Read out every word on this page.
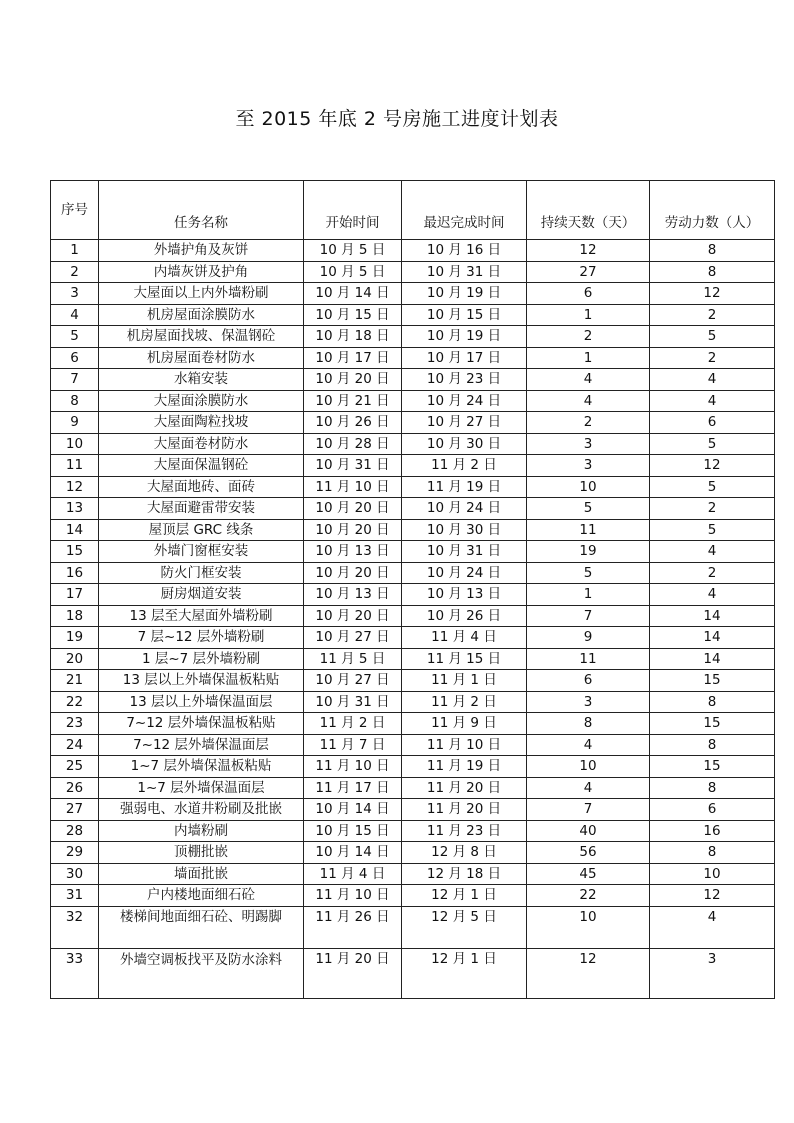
至 2015 年底 2 号房施工进度计划表
序号	任务名称	开始时间	最迟完成时间	持续天数（天）	劳动力数（人）
1	外墙护角及灰饼	10 月 5 日	10 月 16 日	12	8
2	内墙灰饼及护角	10 月 5 日	10 月 31 日	27	8
3	大屋面以上内外墙粉刷	10 月 14 日	10 月 19 日	6	12
4	机房屋面涂膜防水	10 月 15 日	10 月 15 日	1	2
5	机房屋面找坡、保温钢砼	10 月 18 日	10 月 19 日	2	5
6	机房屋面卷材防水	10 月 17 日	10 月 17 日	1	2
7	水箱安装	10 月 20 日	10 月 23 日	4	4
8	大屋面涂膜防水	10 月 21 日	10 月 24 日	4	4
9	大屋面陶粒找坡	10 月 26 日	10 月 27 日	2	6
10	大屋面卷材防水	10 月 28 日	10 月 30 日	3	5
11	大屋面保温钢砼	10 月 31 日	11 月 2 日	3	12
12	大屋面地砖、面砖	11 月 10 日	11 月 19 日	10	5
13	大屋面避雷带安装	10 月 20 日	10 月 24 日	5	2
14	屋顶层 GRC 线条	10 月 20 日	10 月 30 日	11	5
15	外墙门窗框安装	10 月 13 日	10 月 31 日	19	4
16	防火门框安装	10 月 20 日	10 月 24 日	5	2
17	厨房烟道安装	10 月 13 日	10 月 13 日	1	4
18	13 层至大屋面外墙粉刷	10 月 20 日	10 月 26 日	7	14
19	7 层~12 层外墙粉刷	10 月 27 日	11 月 4 日	9	14
20	1 层~7 层外墙粉刷	11 月 5 日	11 月 15 日	11	14
21	13 层以上外墙保温板粘贴	10 月 27 日	11 月 1 日	6	15
22	13 层以上外墙保温面层	10 月 31 日	11 月 2 日	3	8
23	7~12 层外墙保温板粘贴	11 月 2 日	11 月 9 日	8	15
24	7~12 层外墙保温面层	11 月 7 日	11 月 10 日	4	8
25	1~7 层外墙保温板粘贴	11 月 10 日	11 月 19 日	10	15
26	1~7 层外墙保温面层	11 月 17 日	11 月 20 日	4	8
27	强弱电、水道井粉刷及批嵌	10 月 14 日	11 月 20 日	7	6
28	内墙粉刷	10 月 15 日	11 月 23 日	40	16
29	顶棚批嵌	10 月 14 日	12 月 8 日	56	8
30	墙面批嵌	11 月 4 日	12 月 18 日	45	10
31	户内楼地面细石砼	11 月 10 日	12 月 1 日	22	12
32	楼梯间地面细石砼、明踢脚	11 月 26 日	12 月 5 日	10	4
33	外墙空调板找平及防水涂料	11 月 20 日	12 月 1 日	12	3
